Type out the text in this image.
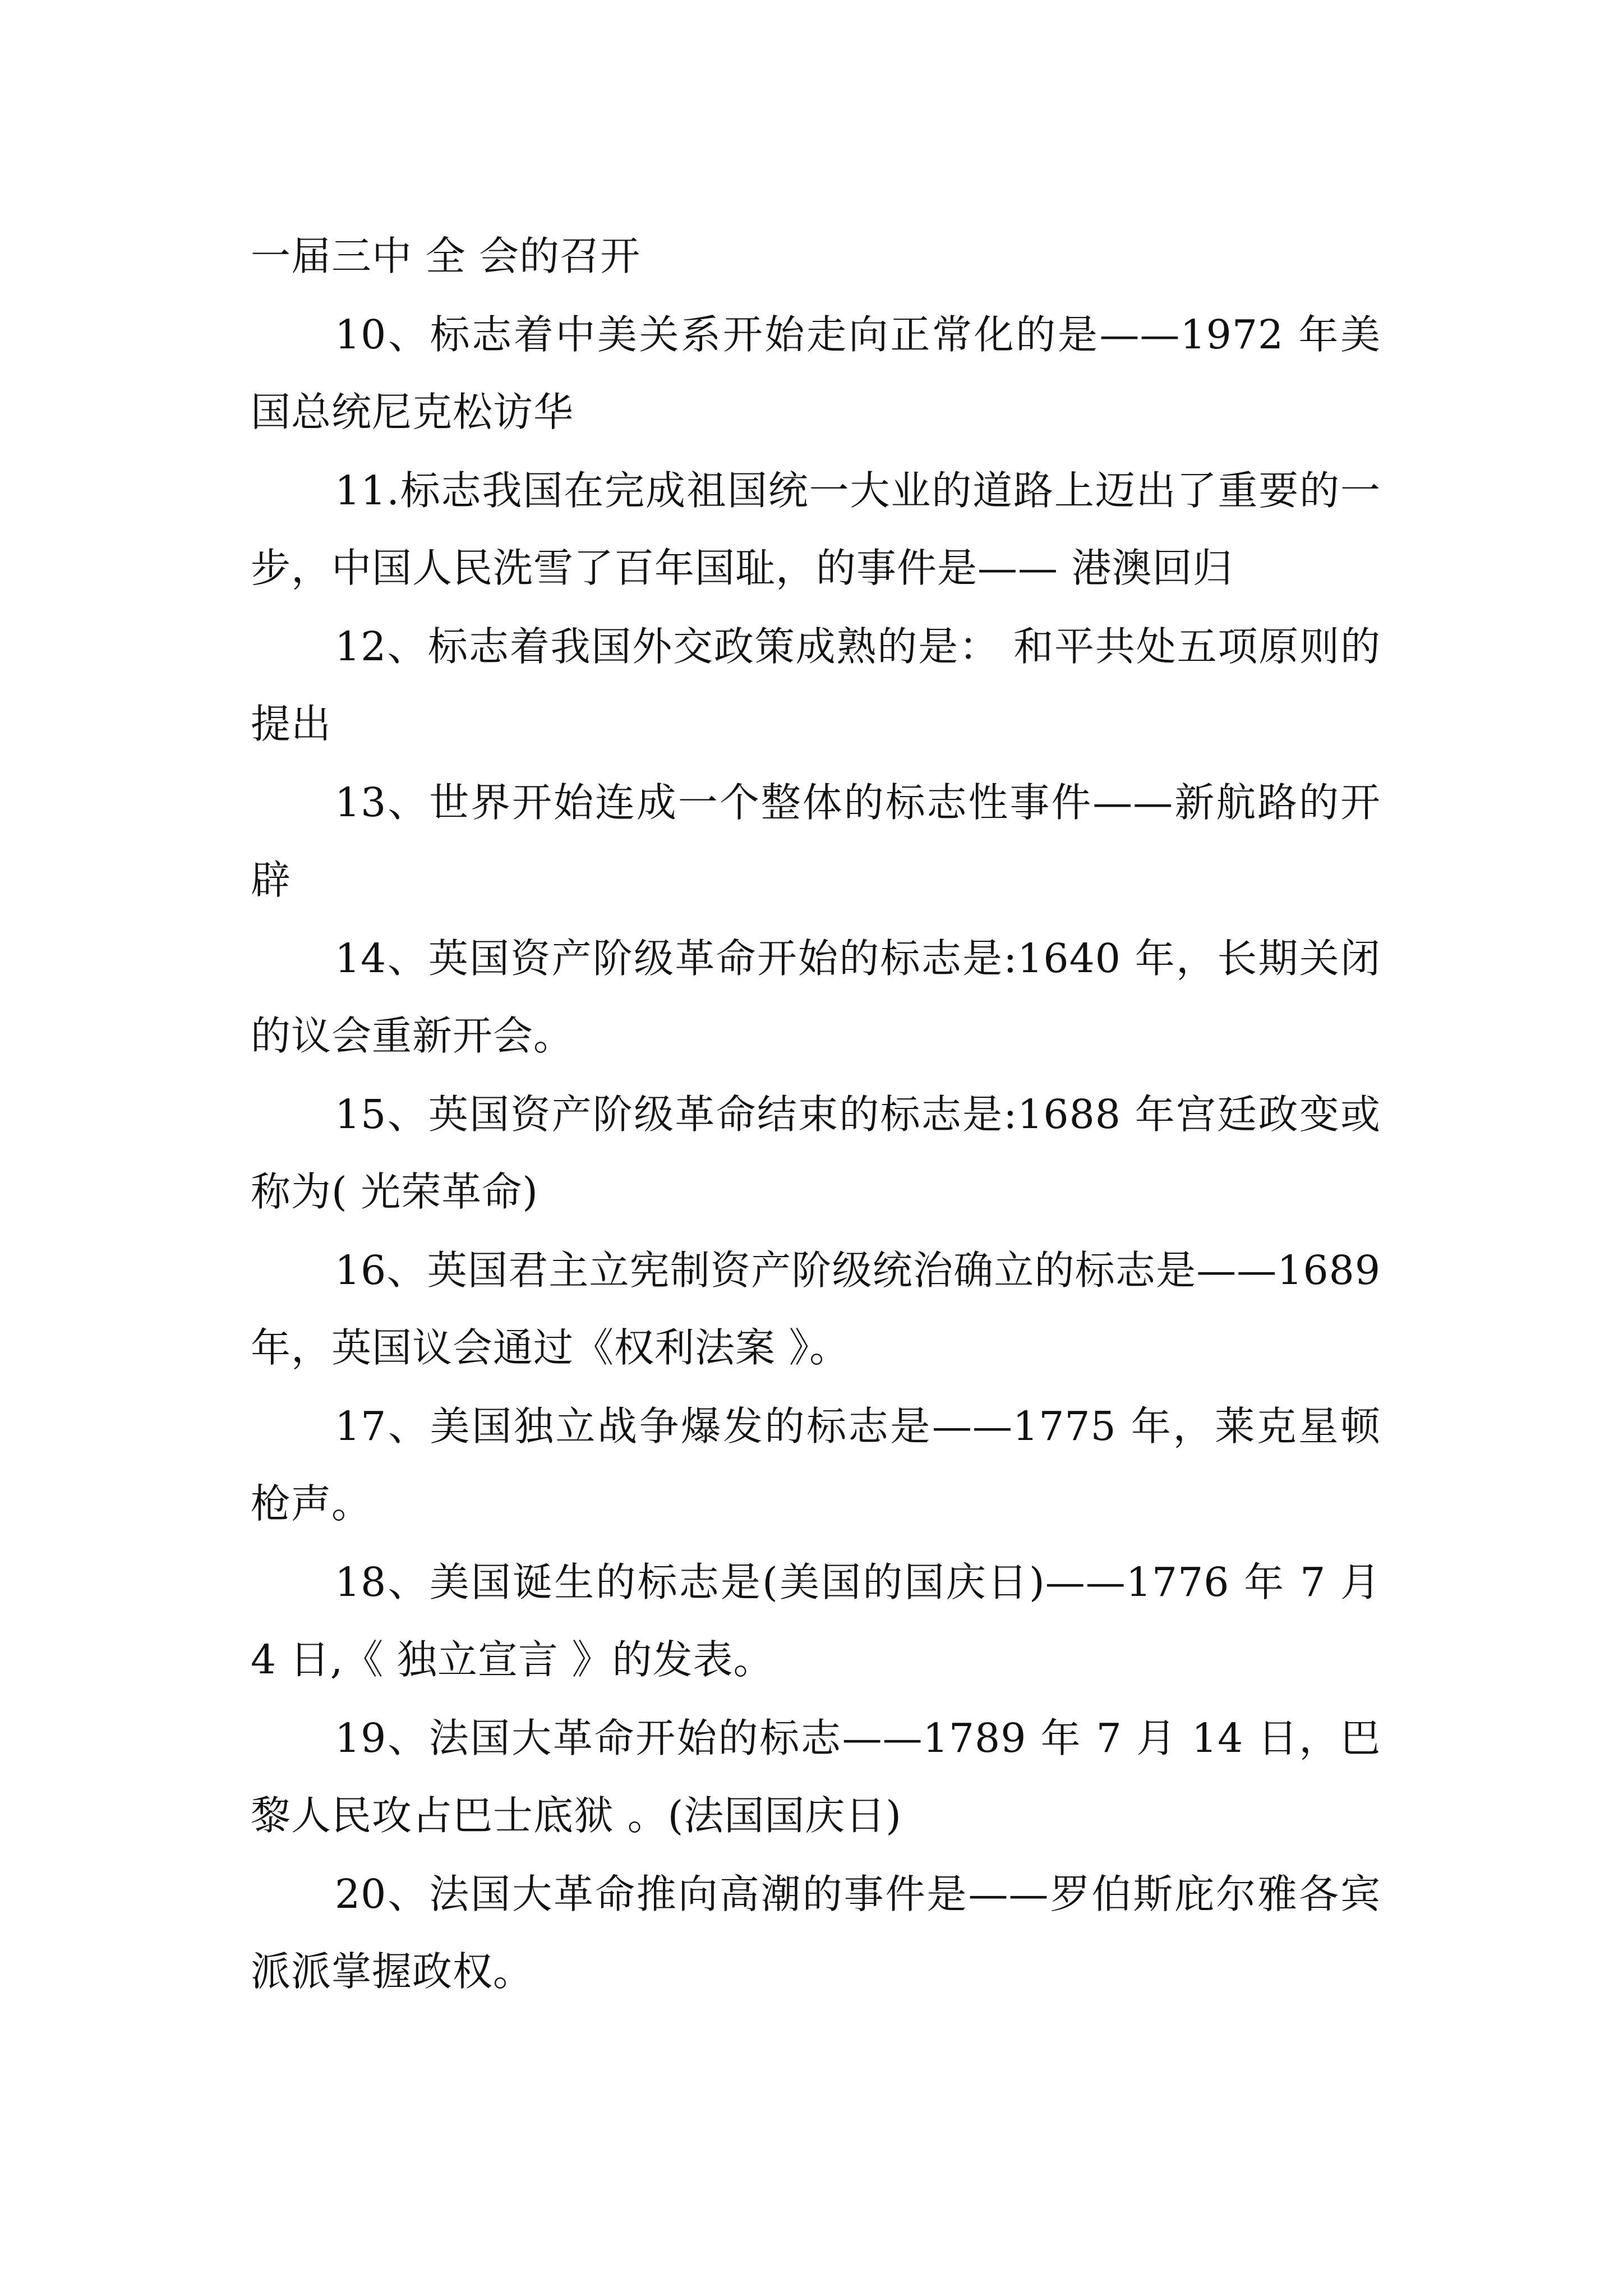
一届三中 全 会的召开

10、标志着中美关系开始走向正常化的是——1972 年美国总统尼克松访华

11.标志我国在完成祖国统一大业的道路上迈出了重要的一步，中国人民洗雪了百年国耻，的事件是—— 港澳回归

12、标志着我国外交政策成熟的是： 和平共处五项原则的提出

13、世界开始连成一个整体的标志性事件——新航路的开辟

14、英国资产阶级革命开始的标志是:1640 年，长期关闭的议会重新开会。

15、英国资产阶级革命结束的标志是:1688 年宫廷政变或称为( 光荣革命)

16、英国君主立宪制资产阶级统治确立的标志是——1689 年，英国议会通过《权利法案 》。

17、美国独立战争爆发的标志是——1775 年，莱克星顿枪声。

18、美国诞生的标志是(美国的国庆日)——1776 年 7 月 4 日,《 独立宣言 》的发表。

19、法国大革命开始的标志——1789 年 7 月 14 日，巴黎人民攻占巴士底狱 。(法国国庆日)

20、法国大革命推向高潮的事件是——罗伯斯庇尔雅各宾派派掌握政权。
